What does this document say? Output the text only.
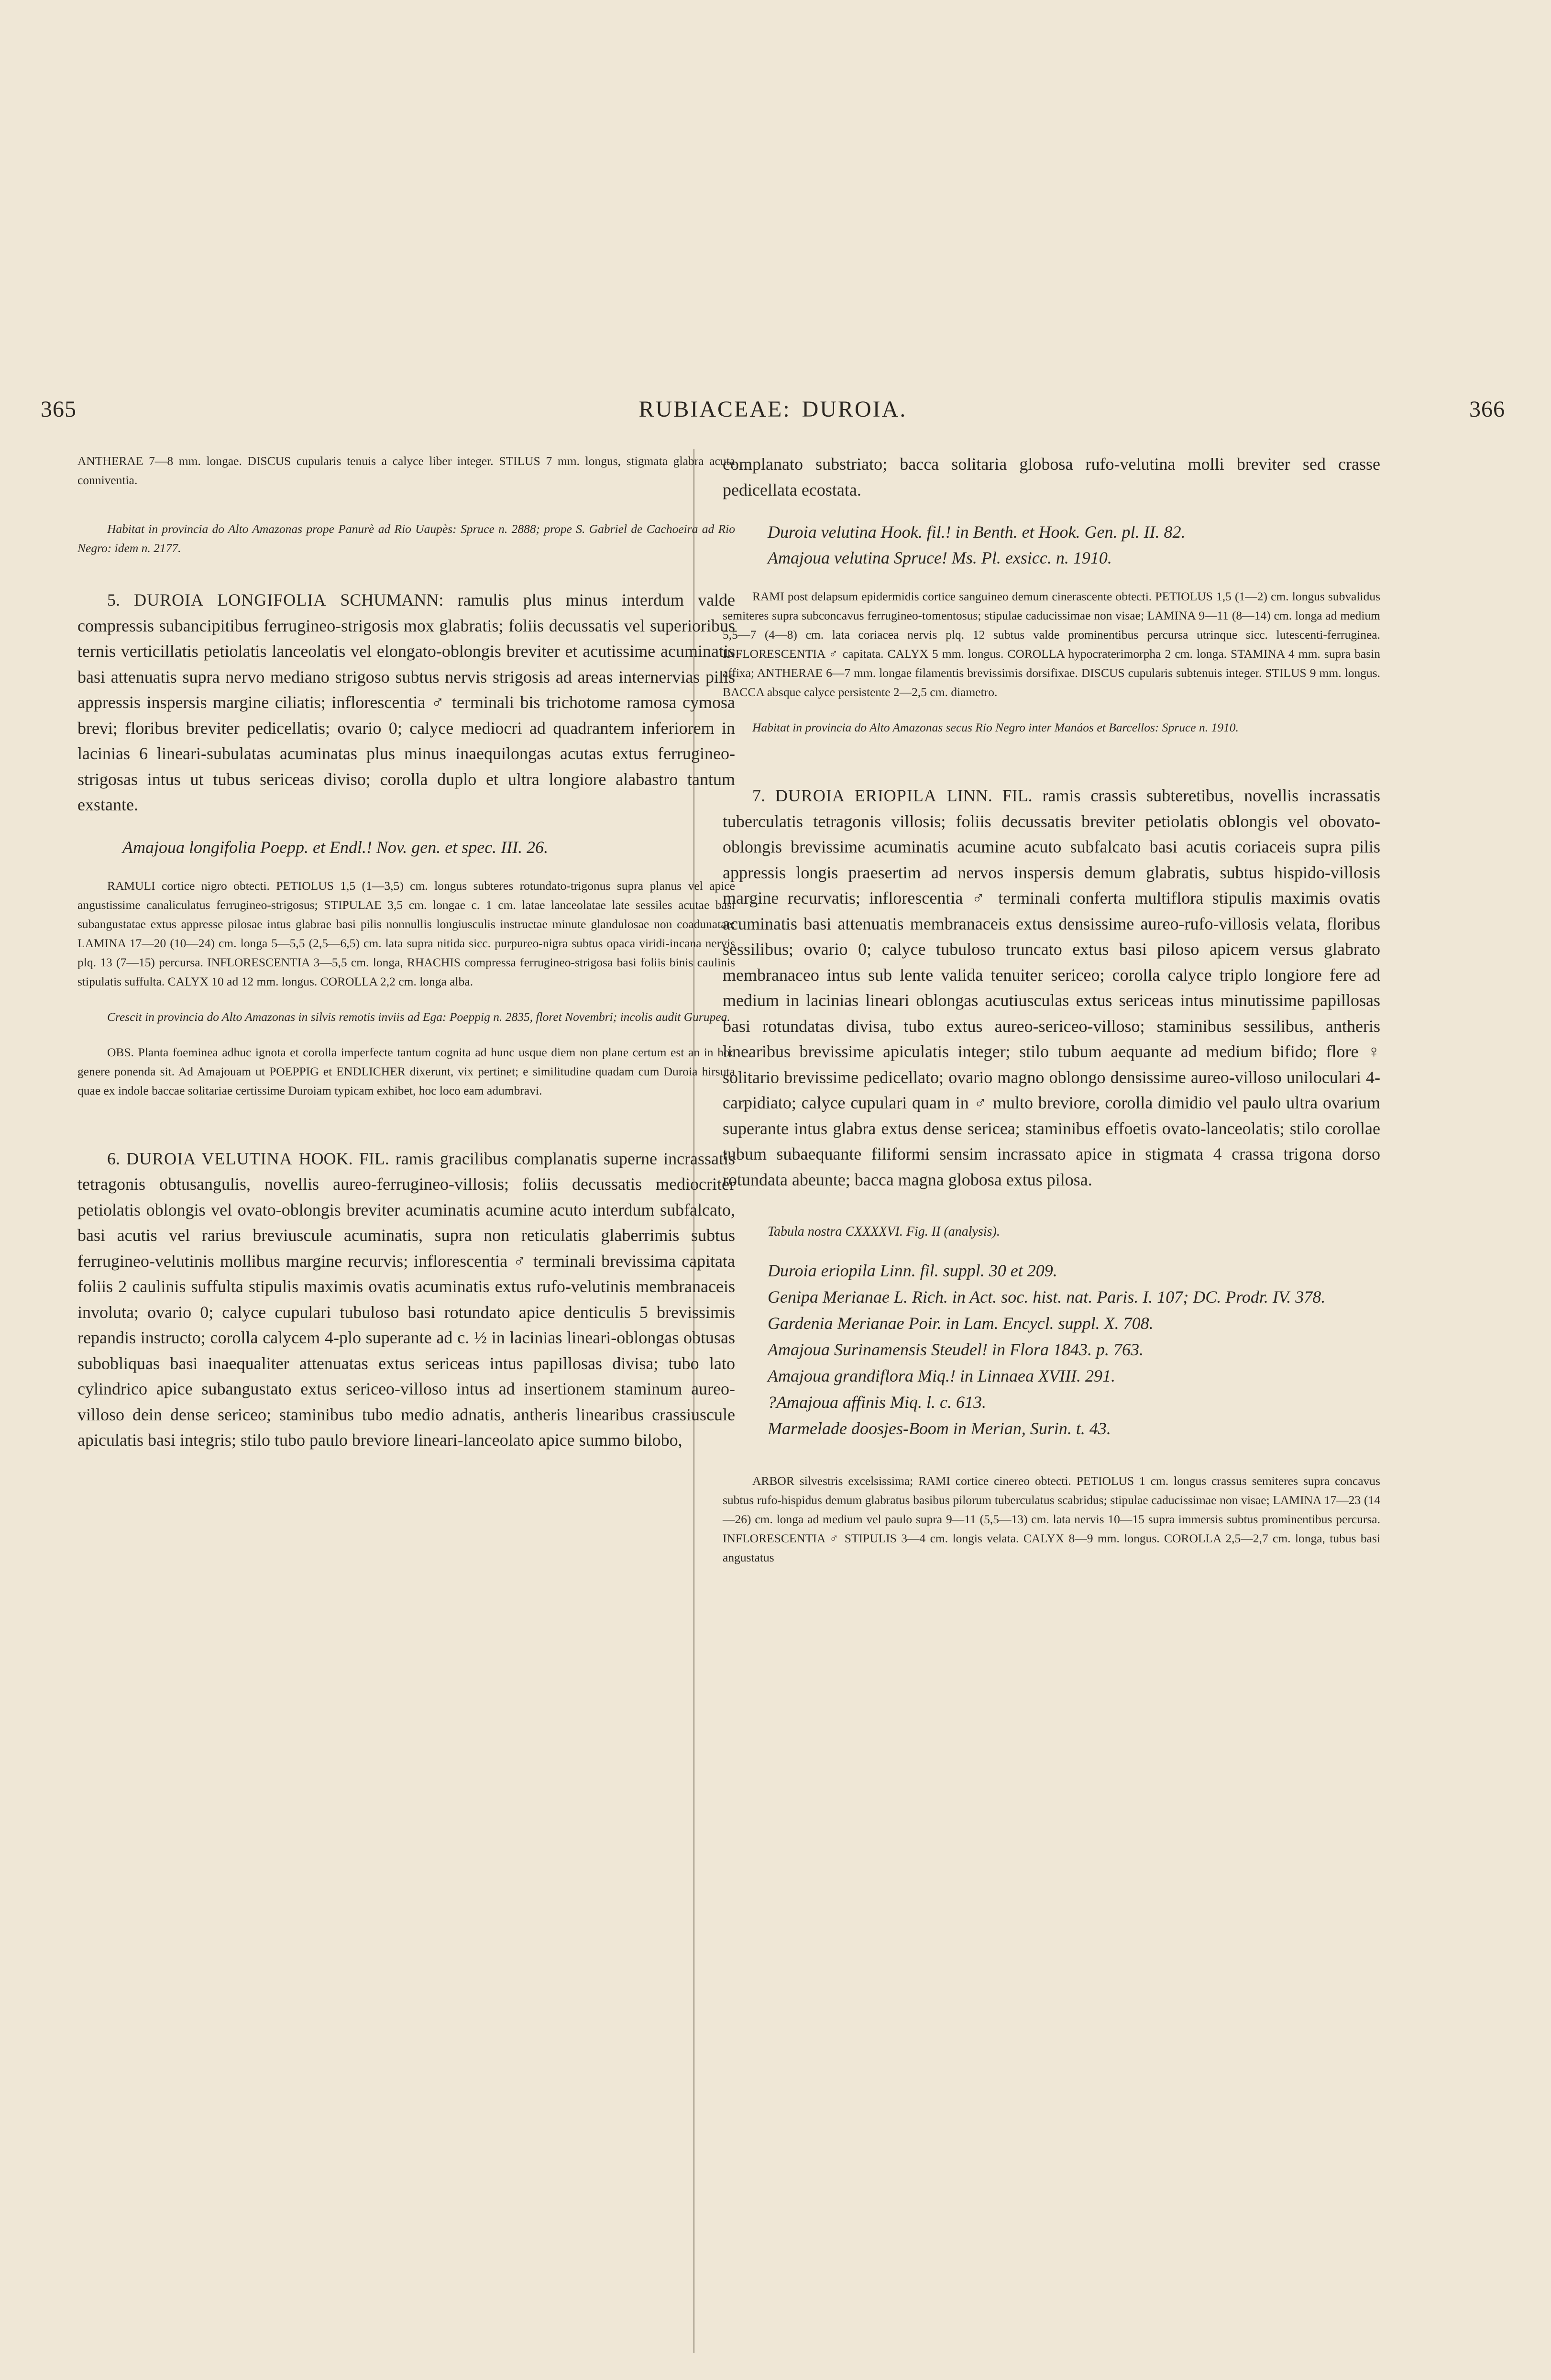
365	RUBIACEAE: DUROIA.	366

ANTHERAE 7—8 mm. longae. DISCUS cupularis tenuis a calyce liber integer. STILUS 7 mm. longus, stigmata glabra acuta conniventia.

Habitat in provincia do Alto Amazonas prope Panurè ad Rio Uaupès: Spruce n. 2888; prope S. Gabriel de Cachoeira ad Rio Negro: idem n. 2177.

5. DUROIA LONGIFOLIA SCHUMANN: ramulis plus minus interdum valde compressis subancipitibus ferrugineo-strigosis mox glabratis; foliis decussatis vel superioribus ternis verticillatis petiolatis lanceolatis vel elongato-oblongis breviter et acutissime acuminatis basi attenuatis supra nervo mediano strigoso subtus nervis strigosis ad areas internervias pilis appressis inspersis margine ciliatis; inflorescentia ♂ terminali bis trichotome ramosa cymosa brevi; floribus breviter pedicellatis; ovario 0; calyce mediocri ad quadrantem inferiorem in lacinias 6 lineari-subulatas acuminatas plus minus inaequilongas acutas extus ferrugineo-strigosas intus ut tubus sericeas diviso; corolla duplo et ultra longiore alabastro tantum exstante.

Amajoua longifolia Poepp. et Endl.! Nov. gen. et spec. III. 26.

RAMULI cortice nigro obtecti. PETIOLUS 1,5 (1—3,5) cm. longus subteres rotundato-trigonus supra planus vel apice angustissime canaliculatus ferrugineo-strigosus; STIPULAE 3,5 cm. longae c. 1 cm. latae lanceolatae late sessiles acutae basi subangustatae extus appresse pilosae intus glabrae basi pilis nonnullis longiusculis instructae minute glandulosae non coadunatae; LAMINA 17—20 (10—24) cm. longa 5—5,5 (2,5—6,5) cm. lata supra nitida sicc. purpureo-nigra subtus opaca viridi-incana nervis plq. 13 (7—15) percursa. INFLORESCENTIA 3—5,5 cm. longa, RHACHIS compressa ferrugineo-strigosa basi foliis binis caulinis stipulatis suffulta. CALYX 10 ad 12 mm. longus. COROLLA 2,2 cm. longa alba.

Crescit in provincia do Alto Amazonas in silvis remotis inviis ad Ega: Poeppig n. 2835, floret Novembri; incolis audit Gurupea.

OBS. Planta foeminea adhuc ignota et corolla imperfecte tantum cognita ad hunc usque diem non plane certum est an in hoc genere ponenda sit. Ad Amajouam ut POEPPIG et ENDLICHER dixerunt, vix pertinet; e similitudine quadam cum Duroia hirsuta quae ex indole baccae solitariae certissime Duroiam typicam exhibet, hoc loco eam adumbravi.

6. DUROIA VELUTINA HOOK. FIL. ramis gracilibus complanatis superne incrassatis tetragonis obtusangulis, novellis aureo-ferrugineo-villosis; foliis decussatis mediocriter petiolatis oblongis vel ovato-oblongis breviter acuminatis acumine acuto interdum subfalcato, basi acutis vel rarius breviuscule acuminatis, supra non reticulatis glaberrimis subtus ferrugineo-velutinis mollibus margine recurvis; inflorescentia ♂ terminali brevissima capitata foliis 2 caulinis suffulta stipulis maximis ovatis acuminatis extus rufo-velutinis membranaceis involuta; ovario 0; calyce cupulari tubuloso basi rotundato apice denticulis 5 brevissimis repandis instructo; corolla calycem 4-plo superante ad c. ½ in lacinias lineari-oblongas obtusas subobliquas basi inaequaliter attenuatas extus sericeas intus papillosas divisa; tubo lato cylindrico apice subangustato extus sericeo-villoso intus ad insertionem staminum aureo-villoso dein dense sericeo; staminibus tubo medio adnatis, antheris linearibus crassiuscule apiculatis basi integris; stilo tubo paulo breviore lineari-lanceolato apice summo bilobo,

complanato substriato; bacca solitaria globosa rufo-velutina molli breviter sed crasse pedicellata ecostata.

Duroia velutina Hook. fil.! in Benth. et Hook. Gen. pl. II. 82.

Amajoua velutina Spruce! Ms. Pl. exsicc. n. 1910.

RAMI post delapsum epidermidis cortice sanguineo demum cinerascente obtecti. PETIOLUS 1,5 (1—2) cm. longus subvalidus semiteres supra subconcavus ferrugineo-tomentosus; stipulae caducissimae non visae; LAMINA 9—11 (8—14) cm. longa ad medium 5,5—7 (4—8) cm. lata coriacea nervis plq. 12 subtus valde prominentibus percursa utrinque sicc. lutescenti-ferruginea. INFLORESCENTIA ♂ capitata. CALYX 5 mm. longus. COROLLA hypocraterimorpha 2 cm. longa. STAMINA 4 mm. supra basin affixa; ANTHERAE 6—7 mm. longae filamentis brevissimis dorsifixae. DISCUS cupularis subtenuis integer. STILUS 9 mm. longus. BACCA absque calyce persistente 2—2,5 cm. diametro.

Habitat in provincia do Alto Amazonas secus Rio Negro inter Manáos et Barcellos: Spruce n. 1910.

7. DUROIA ERIOPILA LINN. FIL. ramis crassis subteretibus, novellis incrassatis tuberculatis tetragonis villosis; foliis decussatis breviter petiolatis oblongis vel obovato-oblongis brevissime acuminatis acumine acuto subfalcato basi acutis coriaceis supra pilis appressis longis praesertim ad nervos inspersis demum glabratis, subtus hispido-villosis margine recurvatis; inflorescentia ♂ terminali conferta multiflora stipulis maximis ovatis acuminatis basi attenuatis membranaceis extus densissime aureo-rufo-villosis velata, floribus sessilibus; ovario 0; calyce tubuloso truncato extus basi piloso apicem versus glabrato membranaceo intus sub lente valida tenuiter sericeo; corolla calyce triplo longiore fere ad medium in lacinias lineari oblongas acutiusculas extus sericeas intus minutissime papillosas basi rotundatas divisa, tubo extus aureo-sericeo-villoso; staminibus sessilibus, antheris linearibus brevissime apiculatis integer; stilo tubum aequante ad medium bifido; flore ♀ solitario brevissime pedicellato; ovario magno oblongo densissime aureo-villoso uniloculari 4-carpidiato; calyce cupulari quam in ♂ multo breviore, corolla dimidio vel paulo ultra ovarium superante intus glabra extus dense sericea; staminibus effoetis ovato-lanceolatis; stilo corollae tubum subaequante filiformi sensim incrassato apice in stigmata 4 crassa trigona dorso rotundata abeunte; bacca magna globosa extus pilosa.

Tabula nostra CXXXXVI. Fig. II (analysis).

Duroia eriopila Linn. fil. suppl. 30 et 209.

Genipa Merianae L. Rich. in Act. soc. hist. nat. Paris. I. 107; DC. Prodr. IV. 378.

Gardenia Merianae Poir. in Lam. Encycl. suppl. X. 708.

Amajoua Surinamensis Steudel! in Flora 1843. p. 763.

Amajoua grandiflora Miq.! in Linnaea XVIII. 291.

?Amajoua affinis Miq. l. c. 613.

Marmelade doosjes-Boom in Merian, Surin. t. 43.

ARBOR silvestris excelsissima; RAMI cortice cinereo obtecti. PETIOLUS 1 cm. longus crassus semiteres supra concavus subtus rufo-hispidus demum glabratus basibus pilorum tuberculatus scabridus; stipulae caducissimae non visae; LAMINA 17—23 (14—26) cm. longa ad medium vel paulo supra 9—11 (5,5—13) cm. lata nervis 10—15 supra immersis subtus prominentibus percursa. INFLORESCENTIA ♂ STIPULIS 3—4 cm. longis velata. CALYX 8—9 mm. longus. COROLLA 2,5—2,7 cm. longa, tubus basi angustatus
